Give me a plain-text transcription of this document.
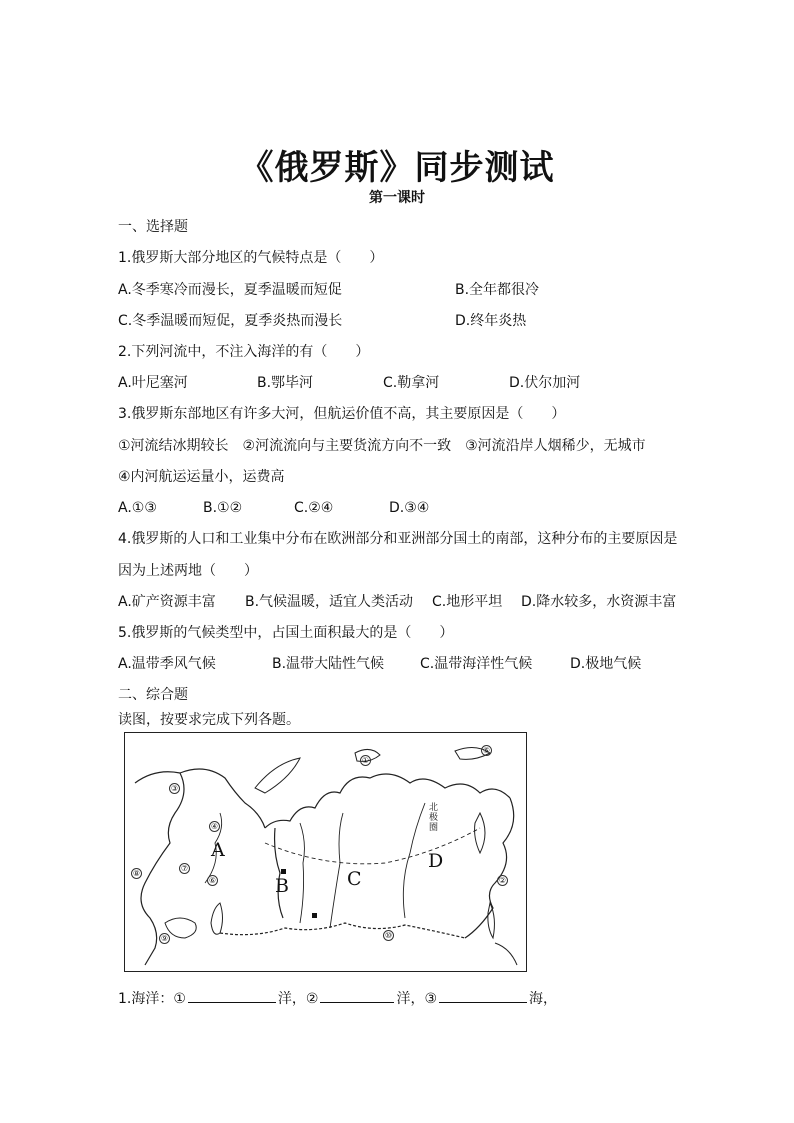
《俄罗斯》同步测试
第一课时
一、选择题
1.俄罗斯大部分地区的气候特点是（　　）
A.冬季寒冷而漫长，夏季温暖而短促	B.全年都很冷
C.冬季温暖而短促，夏季炎热而漫长	D.终年炎热
2.下列河流中，不注入海洋的有（　　）
A.叶尼塞河	B.鄂毕河	C.勒拿河	D.伏尔加河
3.俄罗斯东部地区有许多大河，但航运价值不高，其主要原因是（　　）
①河流结冰期较长　②河流流向与主要货流方向不一致　③河流沿岸人烟稀少，无城市
④内河航运运量小，运费高
A.①③	B.①②	C.②④	D.③④
4.俄罗斯的人口和工业集中分布在欧洲部分和亚洲部分国土的南部，这种分布的主要原因是
因为上述两地（　　）
A.矿产资源丰富 B.气候温暖，适宜人类活动 C.地形平坦 D.降水较多，水资源丰富
5.俄罗斯的气候类型中，占国土面积最大的是（　　）
A.温带季风气候	B.温带大陆性气候	C.温带海洋性气候	D.极地气候
二、综合题
读图，按要求完成下列各题。
A
B	C
D
北极圈
①
②
③
④
⑤
⑥
⑦
⑧
⑨	⑩
1.海洋：①	洋，②	洋，③	海，
